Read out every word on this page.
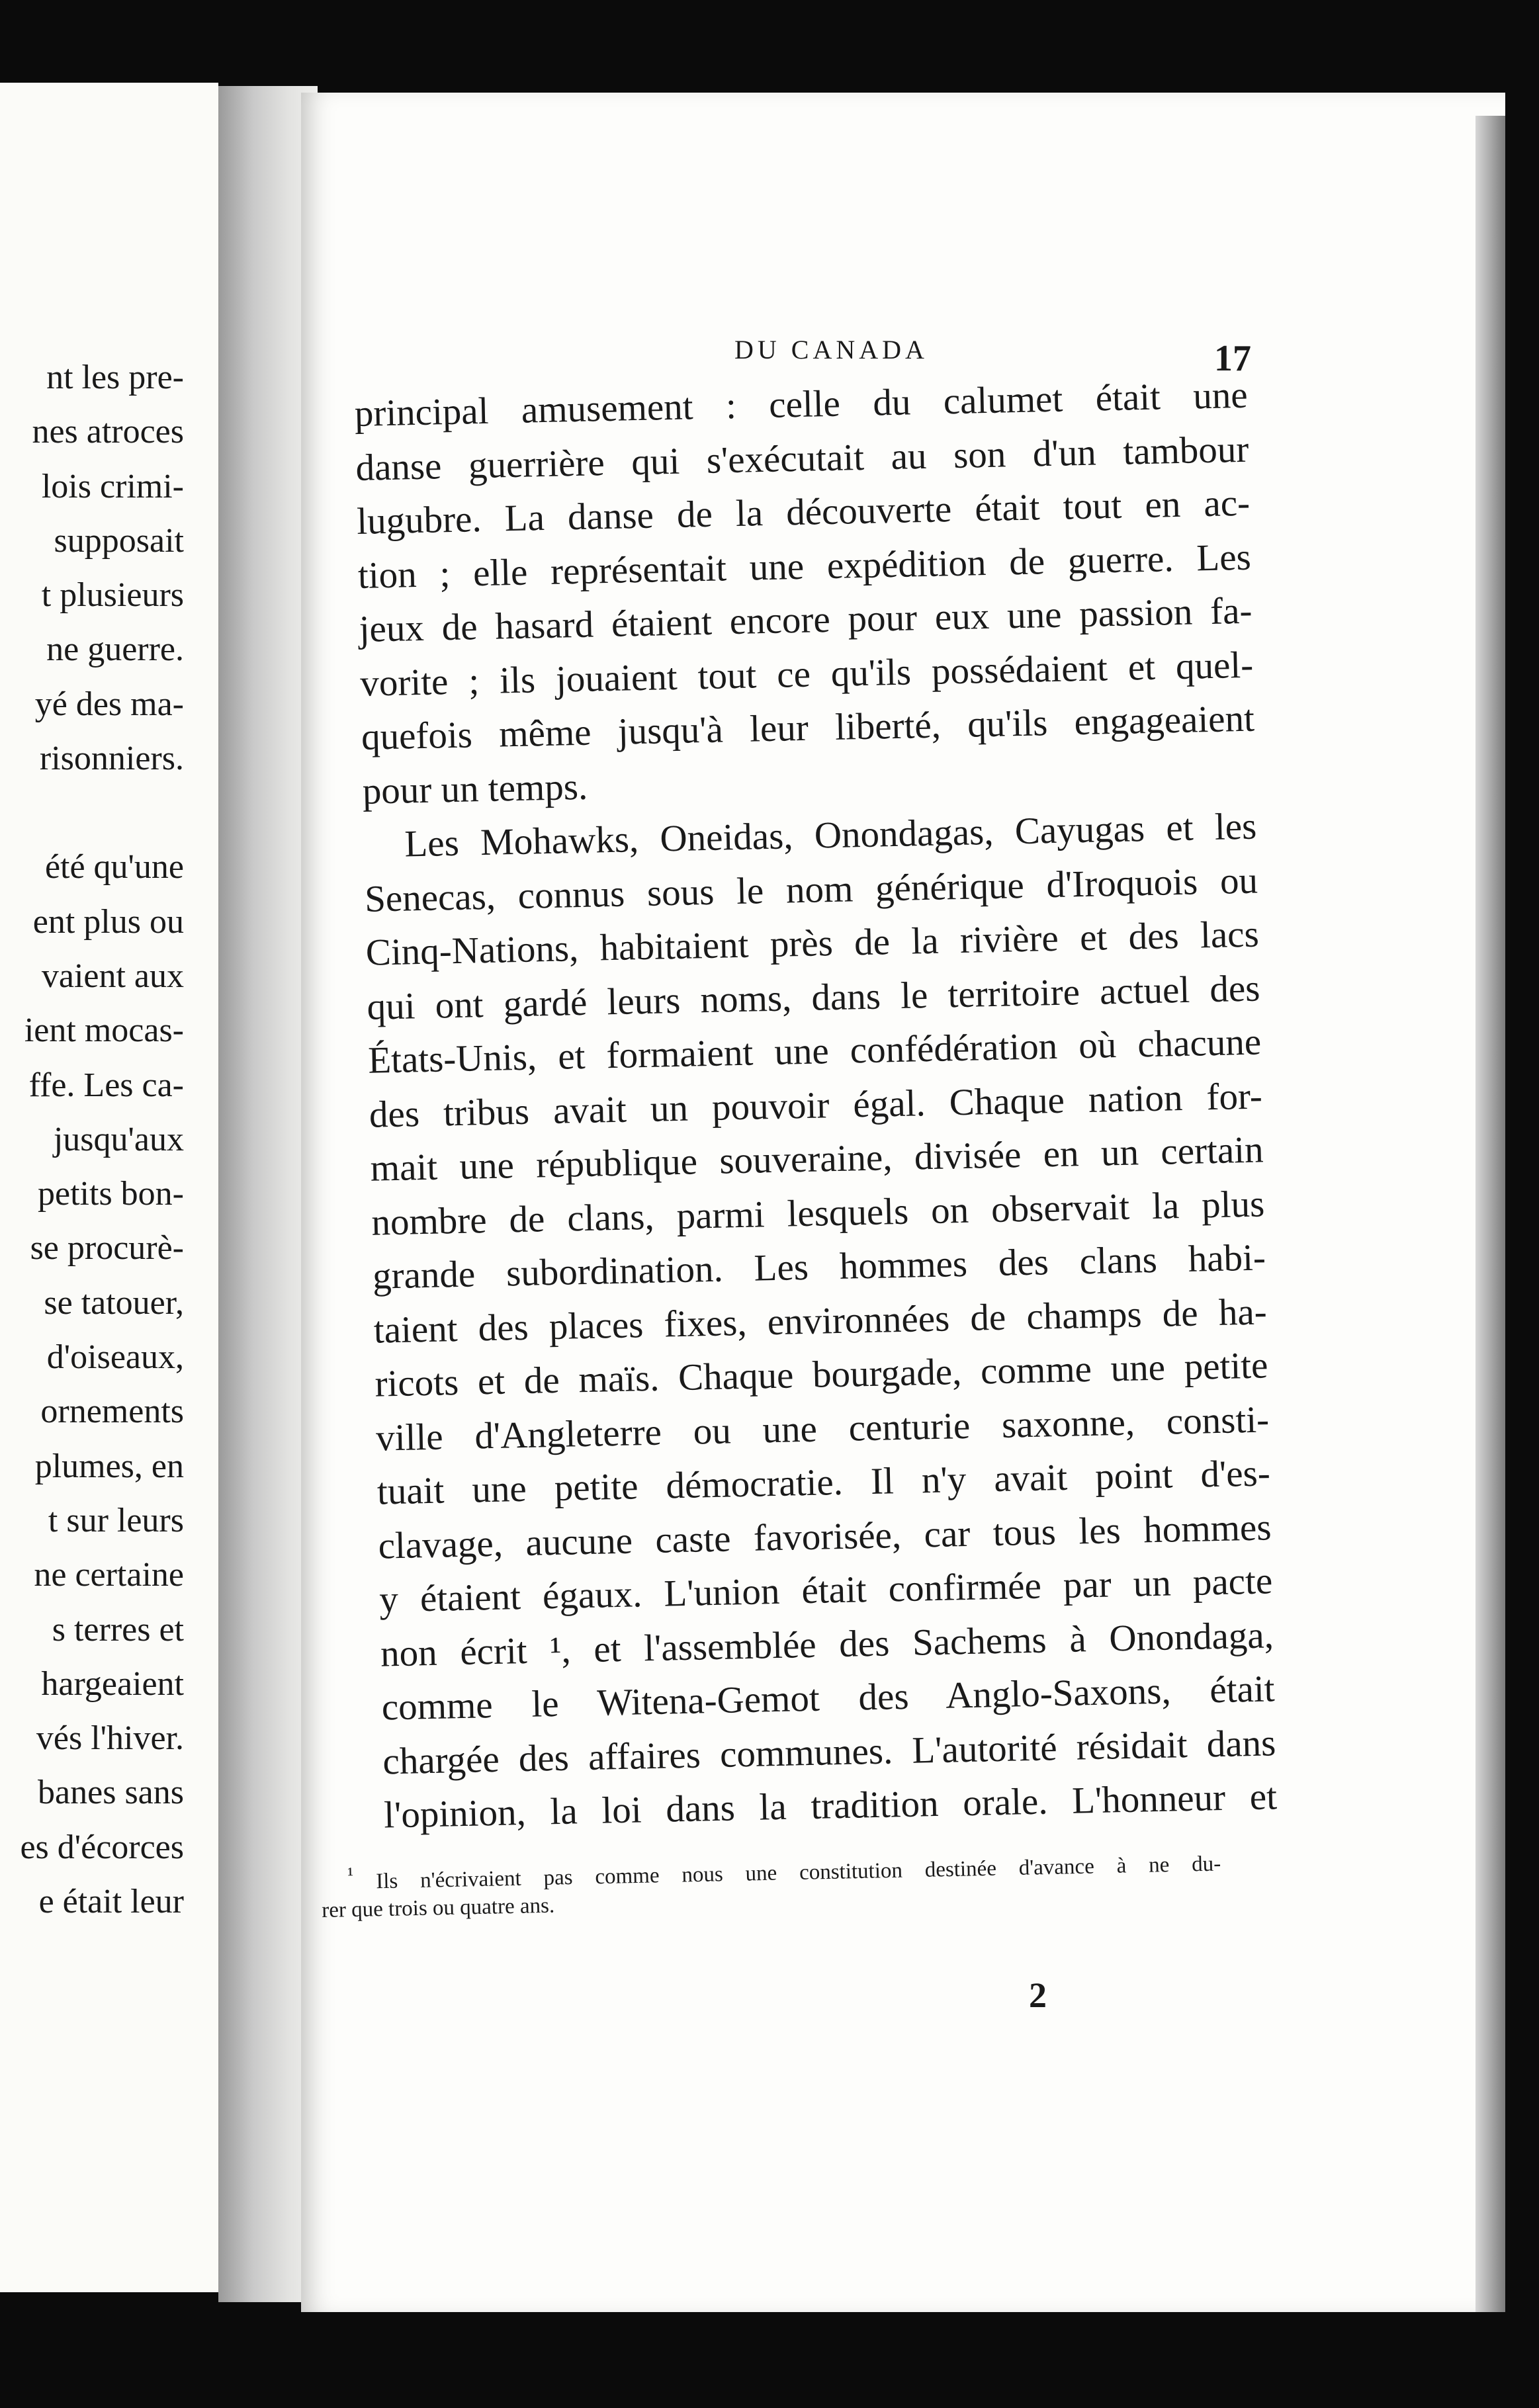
nt les pre-
nes atroces
lois crimi-
supposait
t plusieurs
ne guerre.
yé des ma-
risonniers.
été qu'une
ent plus ou
vaient aux
ient mocas-
ffe. Les ca-
jusqu'aux
petits bon-
se procurè-
se tatouer,
d'oiseaux,
ornements
plumes, en
t sur leurs
ne certaine
s terres et
hargeaient
vés l'hiver.
banes sans
es d'écorces
e était leur
DU CANADA	17
principal amusement : celle du calumet était une
danse guerrière qui s'exécutait au son d'un tambour
lugubre. La danse de la découverte était tout en ac-
tion ; elle représentait une expédition de guerre. Les
jeux de hasard étaient encore pour eux une passion fa-
vorite ; ils jouaient tout ce qu'ils possédaient et quel-
quefois même jusqu'à leur liberté, qu'ils engageaient
pour un temps.
Les Mohawks, Oneidas, Onondagas, Cayugas et les
Senecas, connus sous le nom générique d'Iroquois ou
Cinq-Nations, habitaient près de la rivière et des lacs
qui ont gardé leurs noms, dans le territoire actuel des
États-Unis, et formaient une confédération où chacune
des tribus avait un pouvoir égal. Chaque nation for-
mait une république souveraine, divisée en un certain
nombre de clans, parmi lesquels on observait la plus
grande subordination. Les hommes des clans habi-
taient des places fixes, environnées de champs de ha-
ricots et de maïs. Chaque bourgade, comme une petite
ville d'Angleterre ou une centurie saxonne, consti-
tuait une petite démocratie. Il n'y avait point d'es-
clavage, aucune caste favorisée, car tous les hommes
y étaient égaux. L'union était confirmée par un pacte
non écrit ¹, et l'assemblée des Sachems à Onondaga,
comme le Witena-Gemot des Anglo-Saxons, était
chargée des affaires communes. L'autorité résidait dans
l'opinion, la loi dans la tradition orale. L'honneur et
$^{^1}$ Ils n'écrivaient pas comme nous une constitution destinée d'avance à ne du-
rer que trois ou quatre ans.
2
